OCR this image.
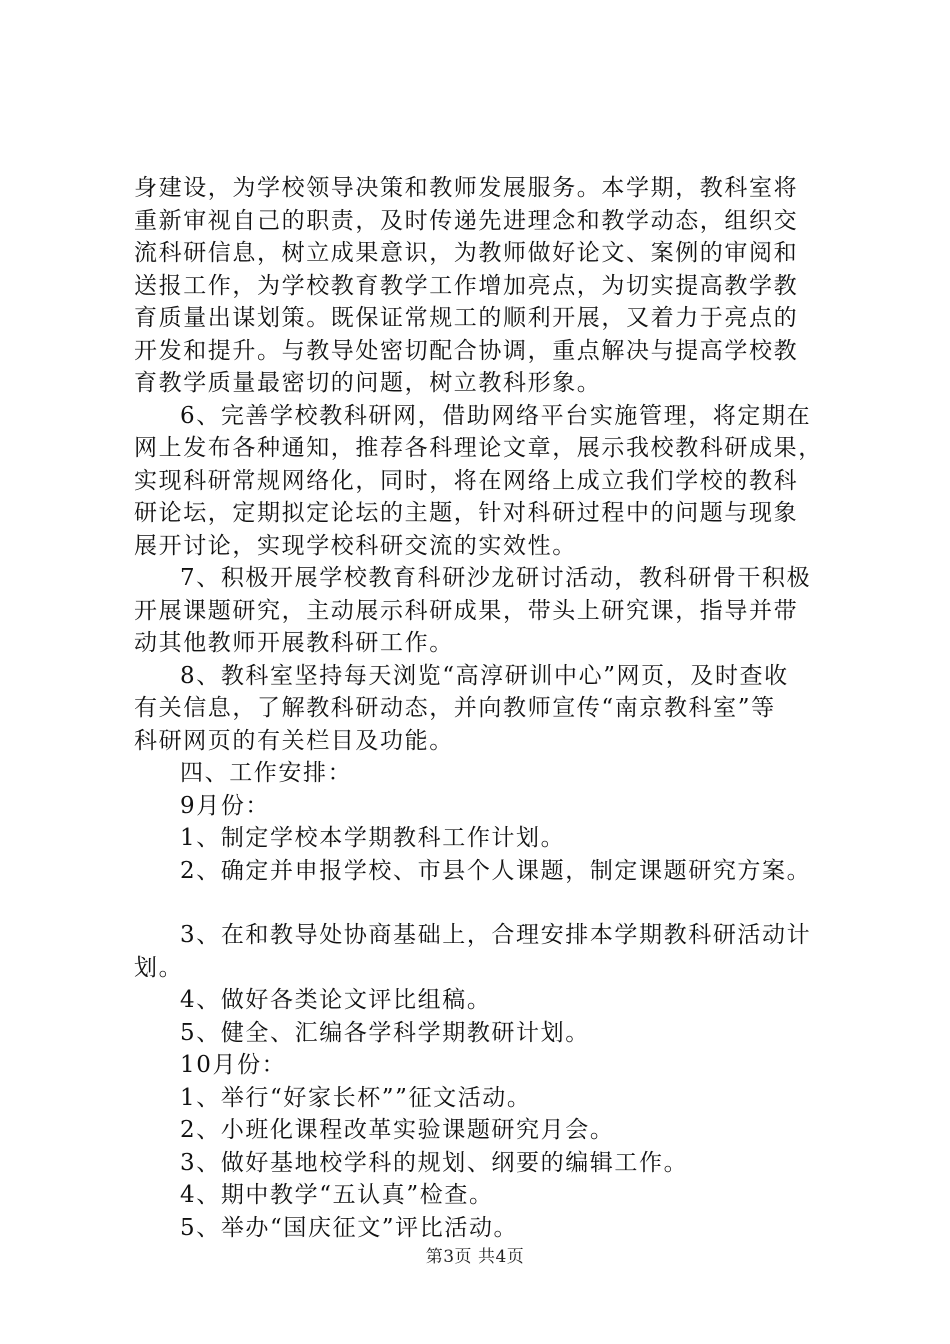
身建设，为学校领导决策和教师发展服务。本学期，教科室将
重新审视自己的职责，及时传递先进理念和教学动态，组织交
流科研信息，树立成果意识，为教师做好论文、案例的审阅和
送报工作，为学校教育教学工作增加亮点，为切实提高教学教
育质量出谋划策。既保证常规工的顺利开展，又着力于亮点的
开发和提升。与教导处密切配合协调，重点解决与提高学校教
育教学质量最密切的问题，树立教科形象。
6、完善学校教科研网，借助网络平台实施管理，将定期在
网上发布各种通知，推荐各科理论文章，展示我校教科研成果，
实现科研常规网络化，同时，将在网络上成立我们学校的教科
研论坛，定期拟定论坛的主题，针对科研过程中的问题与现象
展开讨论，实现学校科研交流的实效性。
7、积极开展学校教育科研沙龙研讨活动，教科研骨干积极
开展课题研究，主动展示科研成果，带头上研究课，指导并带
动其他教师开展教科研工作。
8、教科室坚持每天浏览“高淳研训中心”网页，及时查收
有关信息，了解教科研动态，并向教师宣传“南京教科室”等
科研网页的有关栏目及功能。
四、工作安排：
9月份：
1、制定学校本学期教科工作计划。
2、确定并申报学校、市县个人课题，制定课题研究方案。
3、在和教导处协商基础上，合理安排本学期教科研活动计
划。
4、做好各类论文评比组稿。
5、健全、汇编各学科学期教研计划。
10月份：
1、举行“好家长杯””征文活动。
2、小班化课程改革实验课题研究月会。
3、做好基地校学科的规划、纲要的编辑工作。
4、期中教学“五认真”检查。
5、举办“国庆征文”评比活动。
第3页 共4页
